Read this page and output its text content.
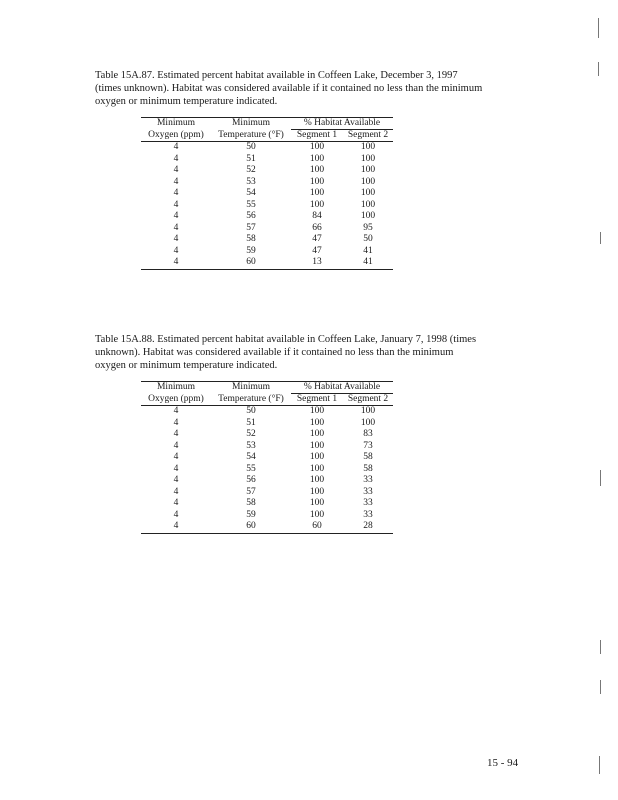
Table 15A.87. Estimated percent habitat available in Coffeen Lake, December 3, 1997 (times unknown). Habitat was considered available if it contained no less than the minimum oxygen or minimum temperature indicated.
Minimum	Minimum	% Habitat Available	
Oxygen (ppm)	Temperature (°F)	Segment 1	Segment 2
4	50	100	100
4	51	100	100
4	52	100	100
4	53	100	100
4	54	100	100
4	55	100	100
4	56	84	100
4	57	66	95
4	58	47	50
4	59	47	41
4	60	13	41
Table 15A.88. Estimated percent habitat available in Coffeen Lake, January 7, 1998 (times unknown). Habitat was considered available if it contained no less than the minimum oxygen or minimum temperature indicated.
Minimum	Minimum	% Habitat Available	
Oxygen (ppm)	Temperature (°F)	Segment 1	Segment 2
4	50	100	100
4	51	100	100
4	52	100	83
4	53	100	73
4	54	100	58
4	55	100	58
4	56	100	33
4	57	100	33
4	58	100	33
4	59	100	33
4	60	60	28
15 - 94
